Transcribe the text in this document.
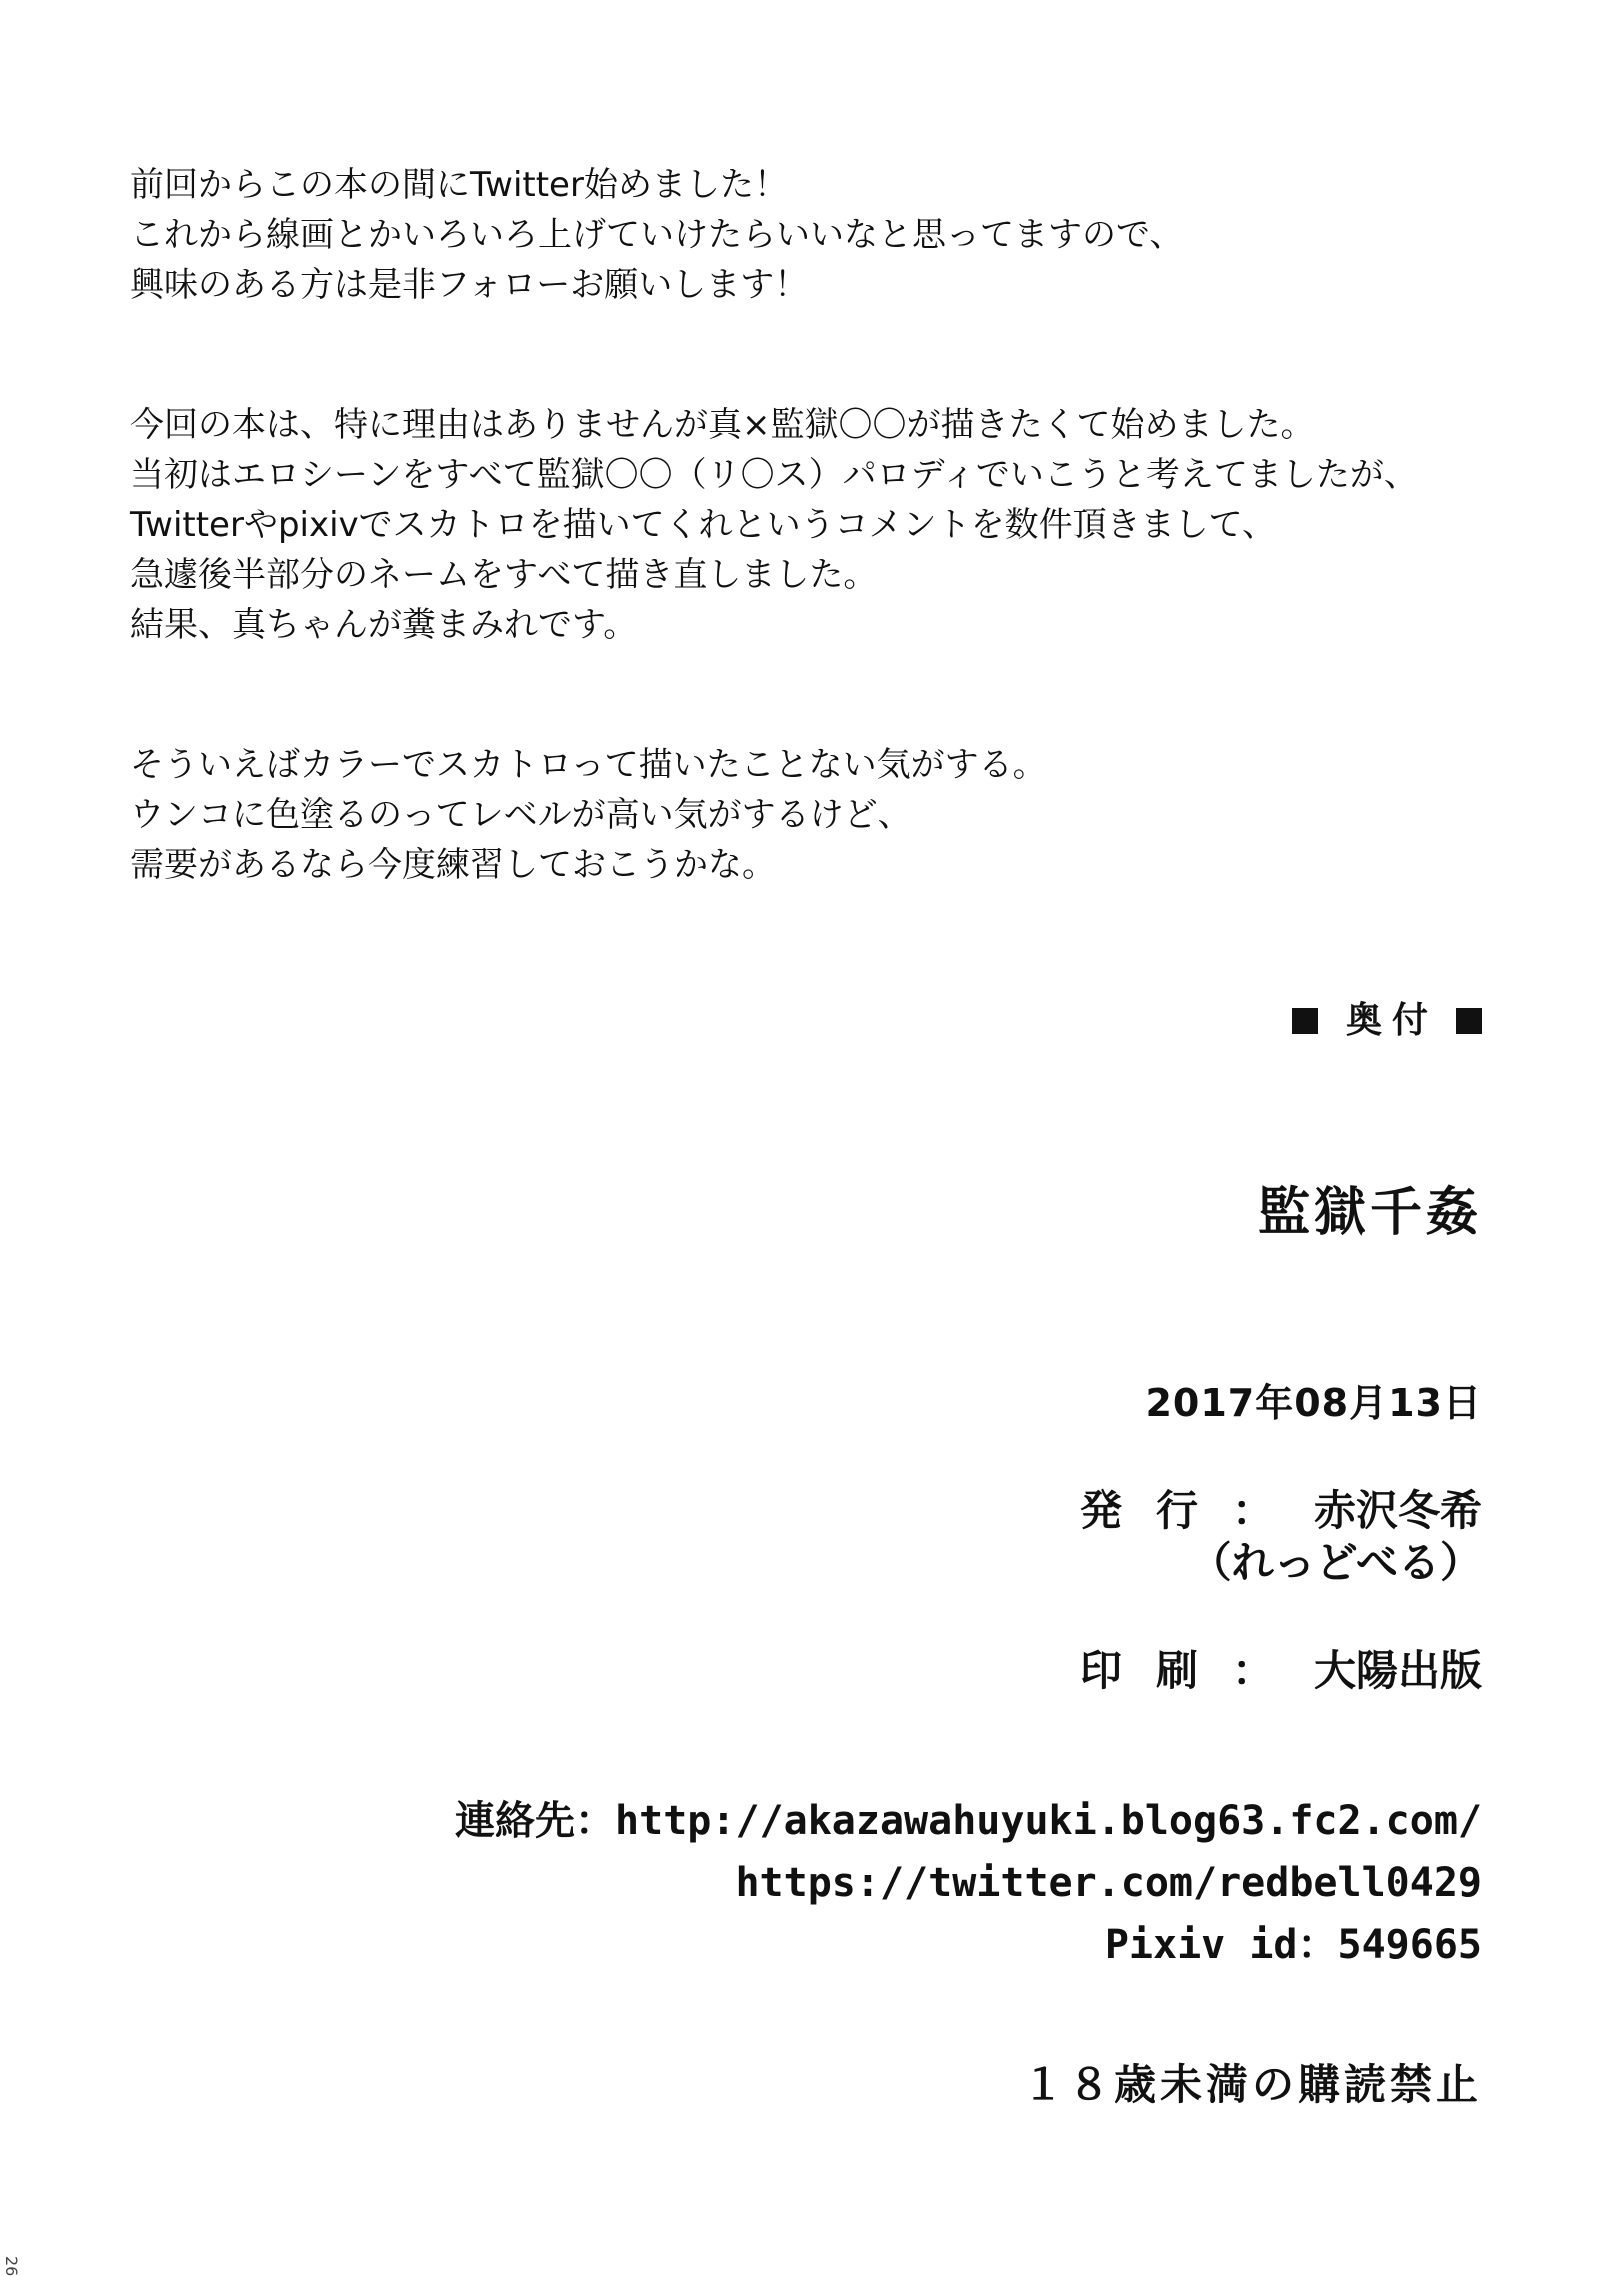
前回からこの本の間にTwitter始めました！
これから線画とかいろいろ上げていけたらいいなと思ってますので、
興味のある方は是非フォローお願いします！

今回の本は、特に理由はありませんが真×監獄〇〇が描きたくて始めました。
当初はエロシーンをすべて監獄〇〇（リ〇ス）パロディでいこうと考えてましたが、
Twitterやpixivでスカトロを描いてくれというコメントを数件頂きまして、
急遽後半部分のネームをすべて描き直しました。
結果、真ちゃんが糞まみれです。

そういえばカラーでスカトロって描いたことない気がする。
ウンコに色塗るのってレベルが高い気がするけど、
需要があるなら今度練習しておこうかな。

奥付
監獄千姦
2017年08月13日
発行 ： 赤沢冬希
（れっどべる）
印刷 ： 大陽出版
連絡先：http://akazawahuyuki.blog63.fc2.com/
https://twitter.com/redbell0429
Pixiv id：549665
１８歳未満の購読禁止
26
